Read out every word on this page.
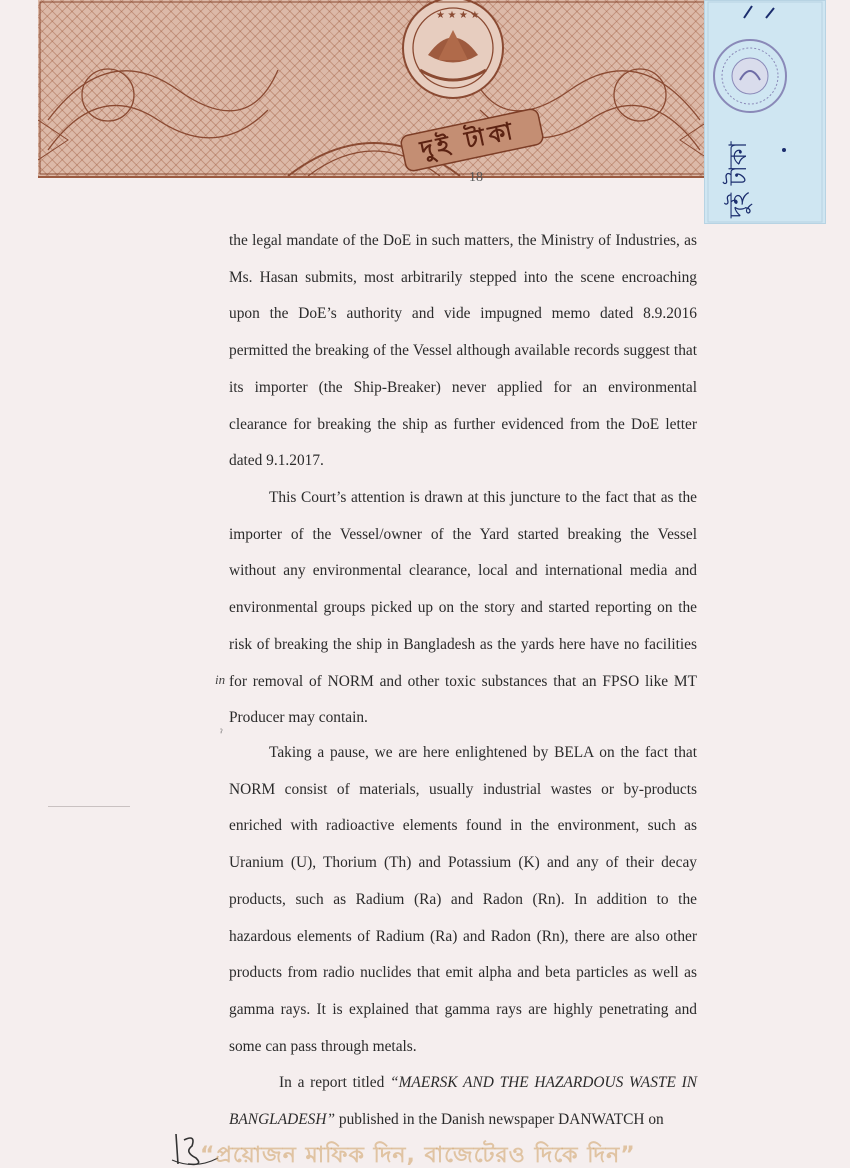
★ ★ ★ ★
দুই টাকা
18	দুই টাকা

the legal mandate of the DoE in such matters, the Ministry of Industries, as Ms. Hasan submits, most arbitrarily stepped into the scene encroaching upon the DoE’s authority and vide impugned memo dated 8.9.2016 permitted the breaking of the Vessel although available records suggest that its importer (the Ship-Breaker) never applied for an environmental clearance for breaking the ship as further evidenced from the DoE letter dated 9.1.2017.

This Court’s attention is drawn at this juncture to the fact that as the importer of the Vessel/owner of the Yard started breaking the Vessel without any environmental clearance, local and international media and environmental groups picked up on the story and started reporting on the risk of breaking the ship in Bangladesh as the yards here have no facilities for removal of NORM and other toxic substances that an FPSO like MT Producer may contain.

Taking a pause, we are here enlightened by BELA on the fact that NORM consist of materials, usually industrial wastes or by-products enriched with radioactive elements found in the environment, such as Uranium (U), Thorium (Th) and Potassium (K) and any of their decay products, such as Radium (Ra) and Radon (Rn). In addition to the hazardous elements of Radium (Ra) and Radon (Rn), there are also other products from radio nuclides that emit alpha and beta particles as well as gamma rays. It is explained that gamma rays are highly penetrating and some can pass through metals.

In a report titled “MAERSK AND THE HAZARDOUS WASTE IN BANGLADESH” published in the Danish newspaper DANWATCH on

in
ˀ
“প্রয়োজন মাফিক দিন, বাজেটেরও দিকে দিন”
